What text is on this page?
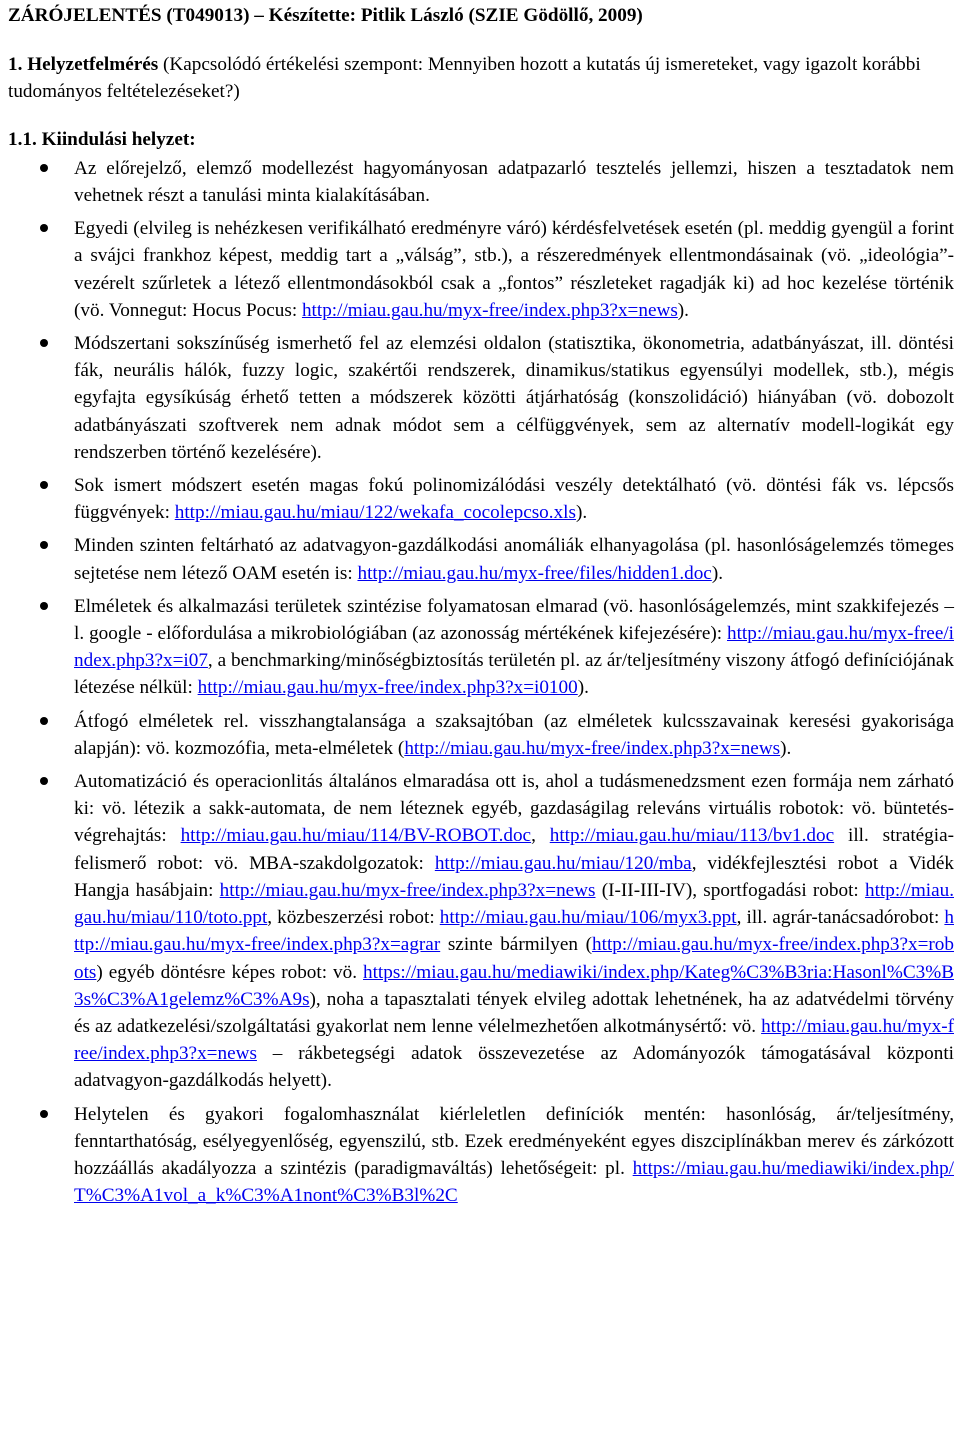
ZÁRÓJELENTÉS (T049013) – Készítette: Pitlik László (SZIE Gödöllő, 2009)

1. Helyzetfelmérés (Kapcsolódó értékelési szempont: Mennyiben hozott a kutatás új ismereteket, vagy igazolt korábbi tudományos feltételezéseket?)

1.1. Kiindulási helyzet:

Az előrejelző, elemző modellezést hagyományosan adatpazarló tesztelés jellemzi, hiszen a tesztadatok nem vehetnek részt a tanulási minta kialakításában.
Egyedi (elvileg is nehézkesen verifikálható eredményre váró) kérdésfelvetések esetén (pl. meddig gyengül a forint a svájci frankhoz képest, meddig tart a „válság”, stb.), a részeredmények ellentmondásainak (vö. „ideológia”-vezérelt szűrletek a létező ellentmondásokból csak a „fontos” részleteket ragadják ki) ad hoc kezelése történik (vö. Vonnegut: Hocus Pocus: http://miau.gau.hu/myx-free/index.php3?x=news).
Módszertani sokszínűség ismerhető fel az elemzési oldalon (statisztika, ökonometria, adatbányászat, ill. döntési fák, neurális hálók, fuzzy logic, szakértői rendszerek, dinamikus/statikus egyensúlyi modellek, stb.), mégis egyfajta egysíkúság érhető tetten a módszerek közötti átjárhatóság (konszolidáció) hiányában (vö. dobozolt adatbányászati szoftverek nem adnak módot sem a célfüggvények, sem az alternatív modell-logikát egy rendszerben történő kezelésére).
Sok ismert módszert esetén magas fokú polinomizálódási veszély detektálható (vö. döntési fák vs. lépcsős függvények: http://miau.gau.hu/miau/122/wekafa_cocolepcso.xls).
Minden szinten feltárható az adatvagyon-gazdálkodási anomáliák elhanyagolása (pl. hasonlóságelemzés tömeges sejtetése nem létező OAM esetén is: http://miau.gau.hu/myx-free/files/hidden1.doc).
Elméletek és alkalmazási területek szintézise folyamatosan elmarad (vö. hasonlóságelemzés, mint szakkifejezés – l. google - előfordulása a mikrobiológiában (az azonosság mértékének kifejezésére): http://miau.gau.hu/myx-free/index.php3?x=i07, a benchmarking/minőségbiztosítás területén pl. az ár/teljesítmény viszony átfogó definíciójának létezése nélkül: http://miau.gau.hu/myx-free/index.php3?x=i0100).
Átfogó elméletek rel. visszhangtalansága a szaksajtóban (az elméletek kulcsszavainak keresési gyakorisága alapján): vö. kozmozófia, meta-elméletek (http://miau.gau.hu/myx-free/index.php3?x=news).
Automatizáció és operacionlitás általános elmaradása ott is, ahol a tudásmenedzsment ezen formája nem zárható ki: vö. létezik a sakk-automata, de nem léteznek egyéb, gazdaságilag releváns virtuális robotok: vö. büntetés-végrehajtás: http://miau.gau.hu/miau/114/BV-ROBOT.doc, http://miau.gau.hu/miau/113/bv1.doc ill. stratégia-felismerő robot: vö. MBA-szakdolgozatok: http://miau.gau.hu/miau/120/mba, vidékfejlesztési robot a Vidék Hangja hasábjain: http://miau.gau.hu/myx-free/index.php3?x=news (I-II-III-IV), sportfogadási robot: http://miau.gau.hu/miau/110/toto.ppt, közbeszerzési robot: http://miau.gau.hu/miau/106/myx3.ppt, ill. agrár-tanácsadórobot: http://miau.gau.hu/myx-free/index.php3?x=agrar szinte bármilyen (http://miau.gau.hu/myx-free/index.php3?x=robots) egyéb döntésre képes robot: vö. https://miau.gau.hu/mediawiki/index.php/Kateg%C3%B3ria:Hasonl%C3%B3s%C3%A1gelemz%C3%A9s), noha a tapasztalati tények elvileg adottak lehetnének, ha az adatvédelmi törvény és az adatkezelési/szolgáltatási gyakorlat nem lenne vélelmezhetően alkotmánysértő: vö. http://miau.gau.hu/myx-free/index.php3?x=news – rákbetegségi adatok összevezetése az Adományozók támogatásával központi adatvagyon-gazdálkodás helyett).
Helytelen és gyakori fogalomhasználat kiérleletlen definíciók mentén: hasonlóság, ár/teljesítmény, fenntarthatóság, esélyegyenlőség, egyenszilú, stb. Ezek eredményeként egyes diszciplínákban merev és zárkózott hozzáállás akadályozza a szintézis (paradigmaváltás) lehetőségeit: pl. https://miau.gau.hu/mediawiki/index.php/T%C3%A1vol_a_k%C3%A1nont%C3%B3l%2C
